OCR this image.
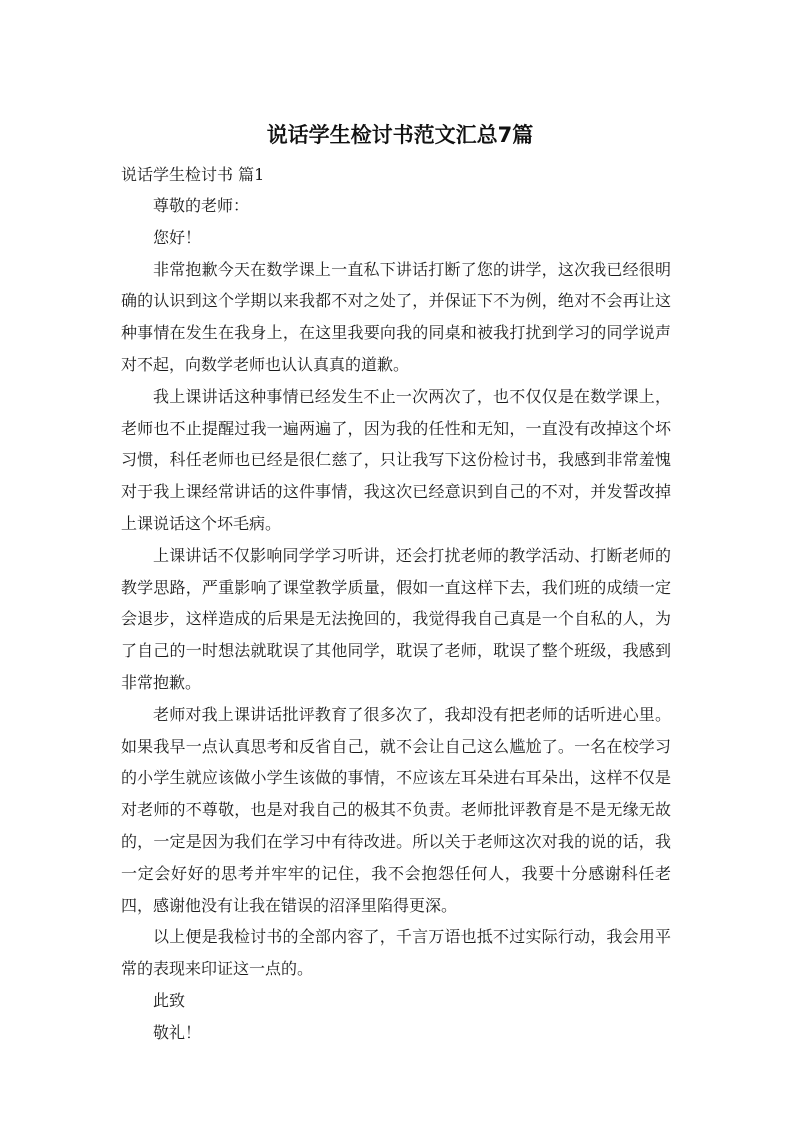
说话学生检讨书范文汇总7篇
说话学生检讨书 篇1

尊敬的老师：

您好！

非常抱歉今天在数学课上一直私下讲话打断了您的讲学，这次我已经很明确的认识到这个学期以来我都不对之处了，并保证下不为例，绝对不会再让这种事情在发生在我身上，在这里我要向我的同桌和被我打扰到学习的同学说声对不起，向数学老师也认认真真的道歉。

我上课讲话这种事情已经发生不止一次两次了，也不仅仅是在数学课上，老师也不止提醒过我一遍两遍了，因为我的任性和无知，一直没有改掉这个坏习惯，科任老师也已经是很仁慈了，只让我写下这份检讨书，我感到非常羞愧对于我上课经常讲话的这件事情，我这次已经意识到自己的不对，并发誓改掉上课说话这个坏毛病。

上课讲话不仅影响同学学习听讲，还会打扰老师的教学活动、打断老师的教学思路，严重影响了课堂教学质量，假如一直这样下去，我们班的成绩一定会退步，这样造成的后果是无法挽回的，我觉得我自己真是一个自私的人，为了自己的一时想法就耽误了其他同学，耽误了老师，耽误了整个班级，我感到非常抱歉。

老师对我上课讲话批评教育了很多次了，我却没有把老师的话听进心里。如果我早一点认真思考和反省自己，就不会让自己这么尴尬了。一名在校学习的小学生就应该做小学生该做的事情，不应该左耳朵进右耳朵出，这样不仅是对老师的不尊敬，也是对我自己的极其不负责。老师批评教育是不是无缘无故的，一定是因为我们在学习中有待改进。所以关于老师这次对我的说的话，我一定会好好的思考并牢牢的记住，我不会抱怨任何人，我要十分感谢科任老四，感谢他没有让我在错误的沼泽里陷得更深。

以上便是我检讨书的全部内容了，千言万语也抵不过实际行动，我会用平常的表现来印证这一点的。

此致

敬礼！
